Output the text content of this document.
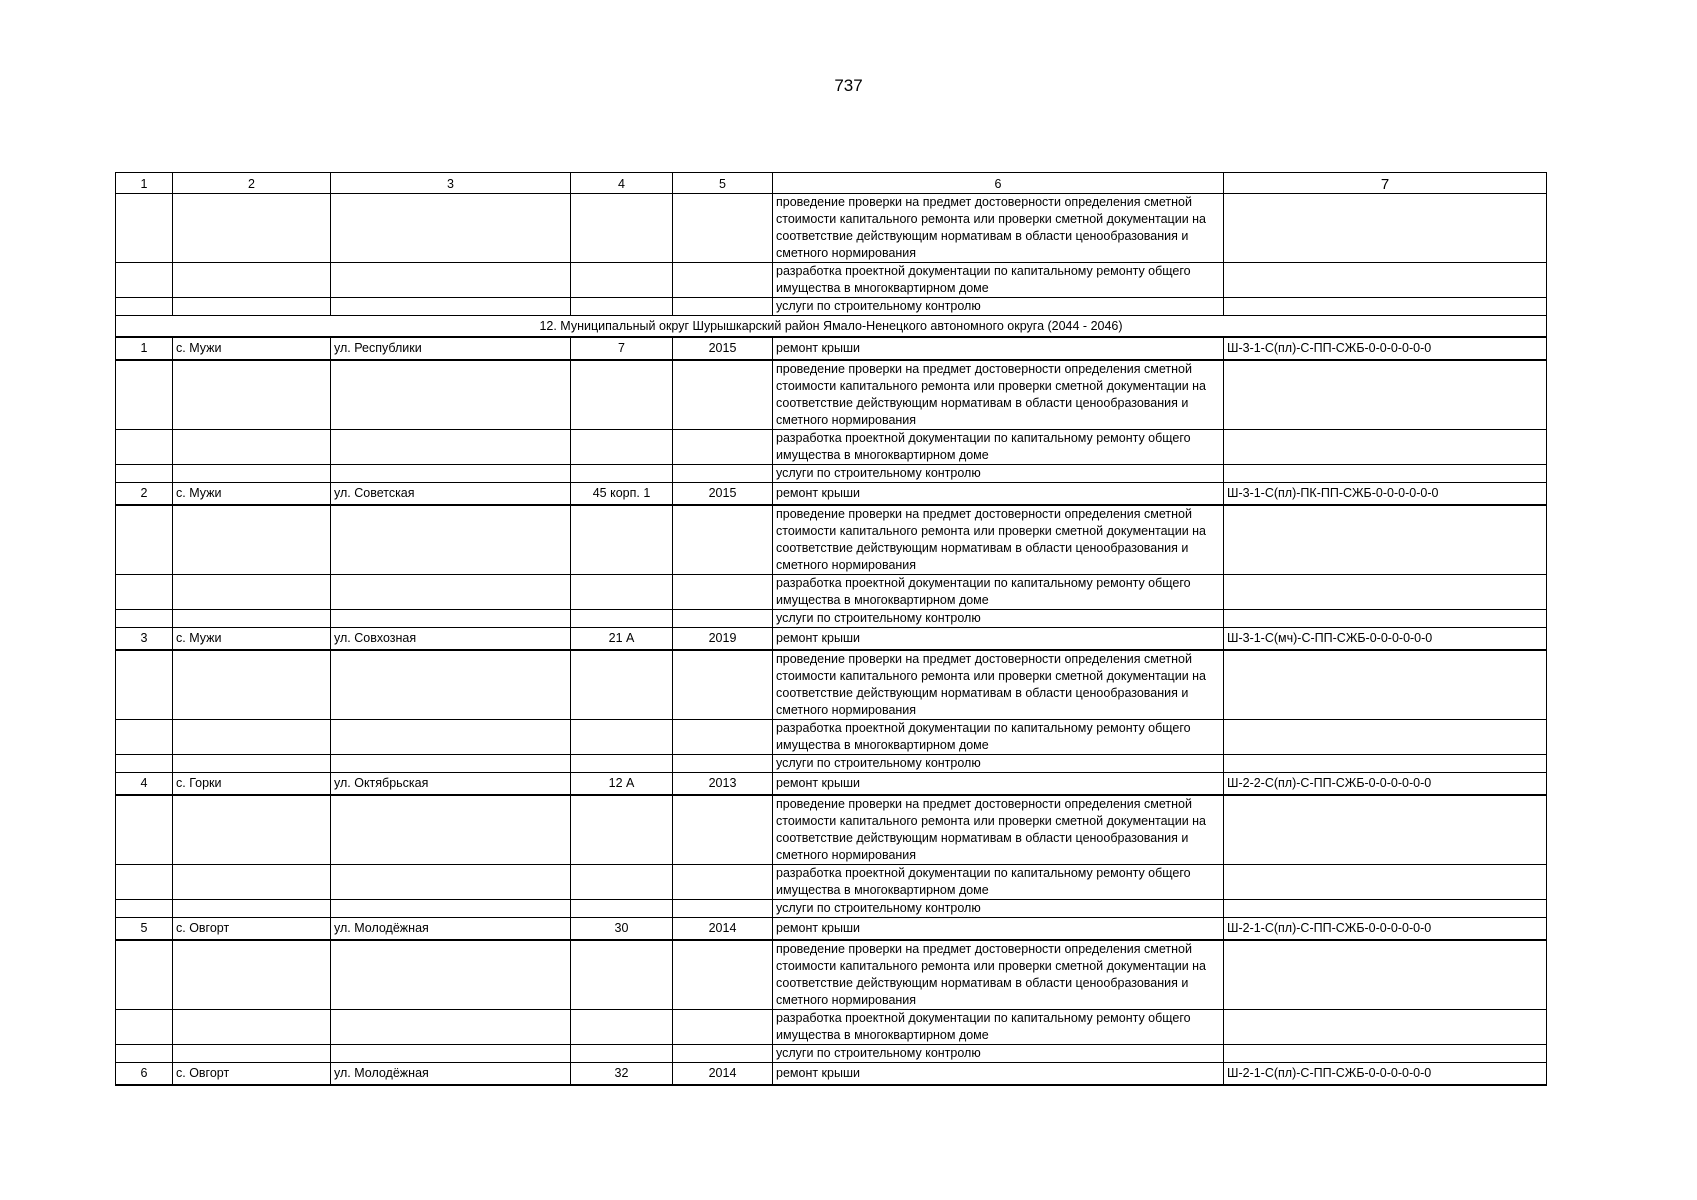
737
1	2	3	4	5	6	7
					проведение проверки на предмет достоверности определения сметной стоимости капитального ремонта или проверки сметной документации на соответствие действующим нормативам в области ценообразования и сметного нормирования	
					разработка проектной документации по капитальному ремонту общего имущества в многоквартирном доме	
					услуги по строительному контролю	
12. Муниципальный округ Шурышкарский район Ямало-Ненецкого автономного округа (2044 - 2046)						
1	с. Мужи	ул. Республики	7	2015	ремонт крыши	Ш-3-1-С(пл)-С-ПП-СЖБ-0-0-0-0-0-0
					проведение проверки на предмет достоверности определения сметной стоимости капитального ремонта или проверки сметной документации на соответствие действующим нормативам в области ценообразования и сметного нормирования	
					разработка проектной документации по капитальному ремонту общего имущества в многоквартирном доме	
					услуги по строительному контролю	
2	с. Мужи	ул. Советская	45 корп. 1	2015	ремонт крыши	Ш-3-1-С(пл)-ПК-ПП-СЖБ-0-0-0-0-0-0
					проведение проверки на предмет достоверности определения сметной стоимости капитального ремонта или проверки сметной документации на соответствие действующим нормативам в области ценообразования и сметного нормирования	
					разработка проектной документации по капитальному ремонту общего имущества в многоквартирном доме	
					услуги по строительному контролю	
3	с. Мужи	ул. Совхозная	21 А	2019	ремонт крыши	Ш-3-1-С(мч)-С-ПП-СЖБ-0-0-0-0-0-0
					проведение проверки на предмет достоверности определения сметной стоимости капитального ремонта или проверки сметной документации на соответствие действующим нормативам в области ценообразования и сметного нормирования	
					разработка проектной документации по капитальному ремонту общего имущества в многоквартирном доме	
					услуги по строительному контролю	
4	с. Горки	ул. Октябрьская	12 А	2013	ремонт крыши	Ш-2-2-С(пл)-С-ПП-СЖБ-0-0-0-0-0-0
					проведение проверки на предмет достоверности определения сметной стоимости капитального ремонта или проверки сметной документации на соответствие действующим нормативам в области ценообразования и сметного нормирования	
					разработка проектной документации по капитальному ремонту общего имущества в многоквартирном доме	
					услуги по строительному контролю	
5	с. Овгорт	ул. Молодёжная	30	2014	ремонт крыши	Ш-2-1-С(пл)-С-ПП-СЖБ-0-0-0-0-0-0
					проведение проверки на предмет достоверности определения сметной стоимости капитального ремонта или проверки сметной документации на соответствие действующим нормативам в области ценообразования и сметного нормирования	
					разработка проектной документации по капитальному ремонту общего имущества в многоквартирном доме	
					услуги по строительному контролю	
6	с. Овгорт	ул. Молодёжная	32	2014	ремонт крыши	Ш-2-1-С(пл)-С-ПП-СЖБ-0-0-0-0-0-0
